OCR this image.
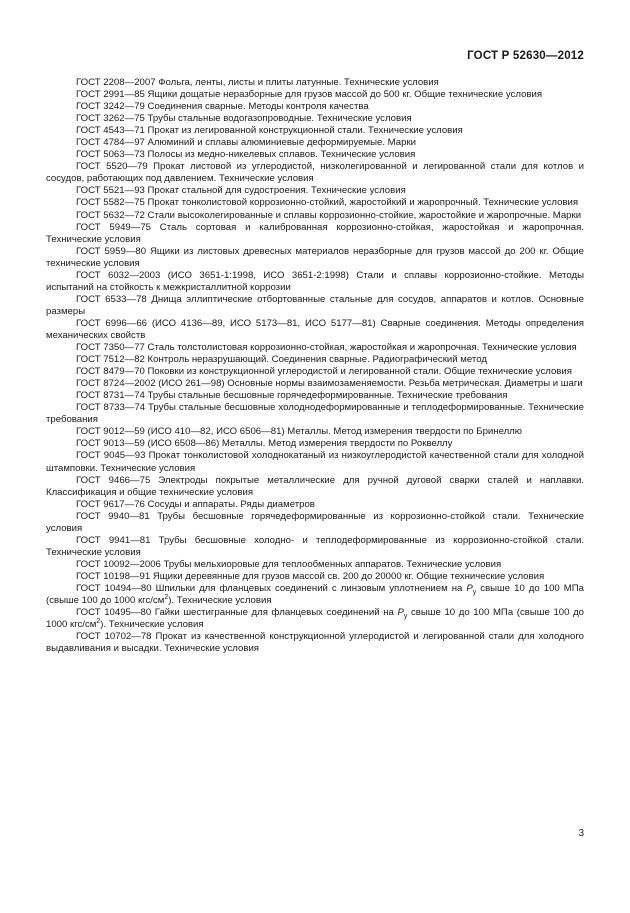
ГОСТ Р 52630—2012

ГОСТ 2208—2007 Фольга, ленты, листы и плиты латунные. Технические условия

ГОСТ 2991—85 Ящики дощатые неразборные для грузов массой до 500 кг. Общие технические условия

ГОСТ 3242—79 Соединения сварные. Методы контроля качества

ГОСТ 3262—75 Трубы стальные водогазопроводные. Технические условия

ГОСТ 4543—71 Прокат из легированной конструкционной стали. Технические условия

ГОСТ 4784—97 Алюминий и сплавы алюминиевые деформируемые. Марки

ГОСТ 5063—73 Полосы из медно-никелевых сплавов. Технические условия

ГОСТ 5520—79 Прокат листовой из углеродистой, низколегированной и легированной стали для котлов и сосудов, работающих под давлением. Технические условия

ГОСТ 5521—93 Прокат стальной для судостроения. Технические условия

ГОСТ 5582—75 Прокат тонколистовой коррозионно-стойкий, жаростойкий и жаропрочный. Технические условия

ГОСТ 5632—72 Стали высоколегированные и сплавы коррозионно-стойкие, жаростойкие и жаропрочные. Марки

ГОСТ 5949—75 Сталь сортовая и калиброванная коррозионно-стойкая, жаростойкая и жаропрочная. Технические условия

ГОСТ 5959—80 Ящики из листовых древесных материалов неразборные для грузов массой до 200 кг. Общие технические условия

ГОСТ 6032—2003 (ИСО 3651-1:1998, ИСО 3651-2:1998) Стали и сплавы коррозионно-стойкие. Методы испытаний на стойкость к межкристаллитной коррозии

ГОСТ 6533—78 Днища эллиптические отбортованные стальные для сосудов, аппаратов и котлов. Основные размеры

ГОСТ 6996—66 (ИСО 4136—89, ИСО 5173—81, ИСО 5177—81) Сварные соединения. Методы определения механических свойств

ГОСТ 7350—77 Сталь толстолистовая коррозионно-стойкая, жаростойкая и жаропрочная. Технические условия

ГОСТ 7512—82 Контроль неразрушающий. Соединения сварные. Радиографический метод

ГОСТ 8479—70 Поковки из конструкционной углеродистой и легированной стали. Общие технические условия

ГОСТ 8724—2002 (ИСО 261—98) Основные нормы взаимозаменяемости. Резьба метрическая. Диаметры и шаги

ГОСТ 8731—74 Трубы стальные бесшовные горячедеформированные. Технические требования

ГОСТ 8733—74 Трубы стальные бесшовные холоднодеформированные и теплодеформированные. Технические требования

ГОСТ 9012—59 (ИСО 410—82, ИСО 6506—81) Металлы. Метод измерения твердости по Бринеллю

ГОСТ 9013—59 (ИСО 6508—86) Металлы. Метод измерения твердости по Роквеллу

ГОСТ 9045—93 Прокат тонколистовой холоднокатаный из низкоуглеродистой качественной стали для холодной штамповки. Технические условия

ГОСТ 9466—75 Электроды покрытые металлические для ручной дуговой сварки сталей и наплавки. Классификация и общие технические условия

ГОСТ 9617—76 Сосуды и аппараты. Ряды диаметров

ГОСТ 9940—81 Трубы бесшовные горячедеформированные из коррозионно-стойкой стали. Технические условия

ГОСТ 9941—81 Трубы бесшовные холодно- и теплодеформированные из коррозионно-стойкой стали. Технические условия

ГОСТ 10092—2006 Трубы мельхиоровые для теплообменных аппаратов. Технические условия

ГОСТ 10198—91 Ящики деревянные для грузов массой св. 200 до 20000 кг. Общие технические условия

ГОСТ 10494—80 Шпильки для фланцевых соединений с линзовым уплотнением на $P_у$ свыше 10 до 100 МПа (свыше 100 до 1000 кгс/$см^2$). Технические условия

ГОСТ 10495—80 Гайки шестигранные для фланцевых соединений на $P_у$ свыше 10 до 100 МПа (свыше 100 до 1000 кгс/$см^2$). Технические условия

ГОСТ 10702—78 Прокат из качественной конструкционной углеродистой и легированной стали для холодного выдавливания и высадки. Технические условия

3
